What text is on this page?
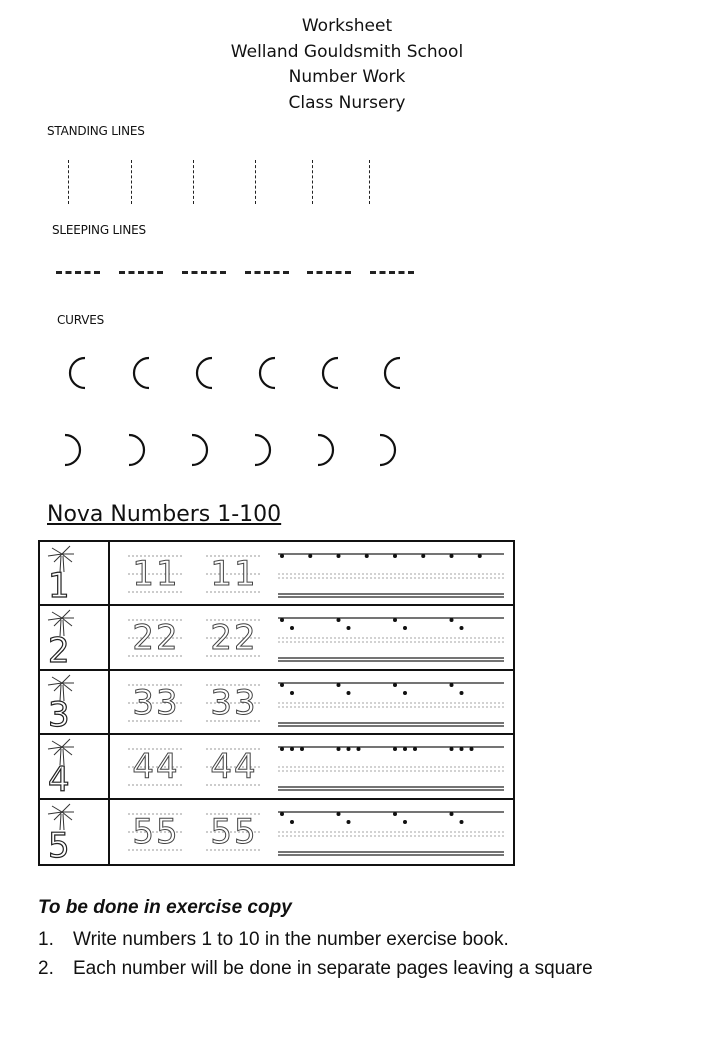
Worksheet
Welland Gouldsmith School
Number Work
Class Nursery
STANDING LINES
SLEEPING LINES
CURVES
Nova Numbers 1-100
1 11 11
2 22 22
3 33 33
4 44 44
5 55 55
To be done in exercise copy
1. Write numbers 1 to 10 in the number exercise book.
2. Each number will be done in separate pages leaving a square
